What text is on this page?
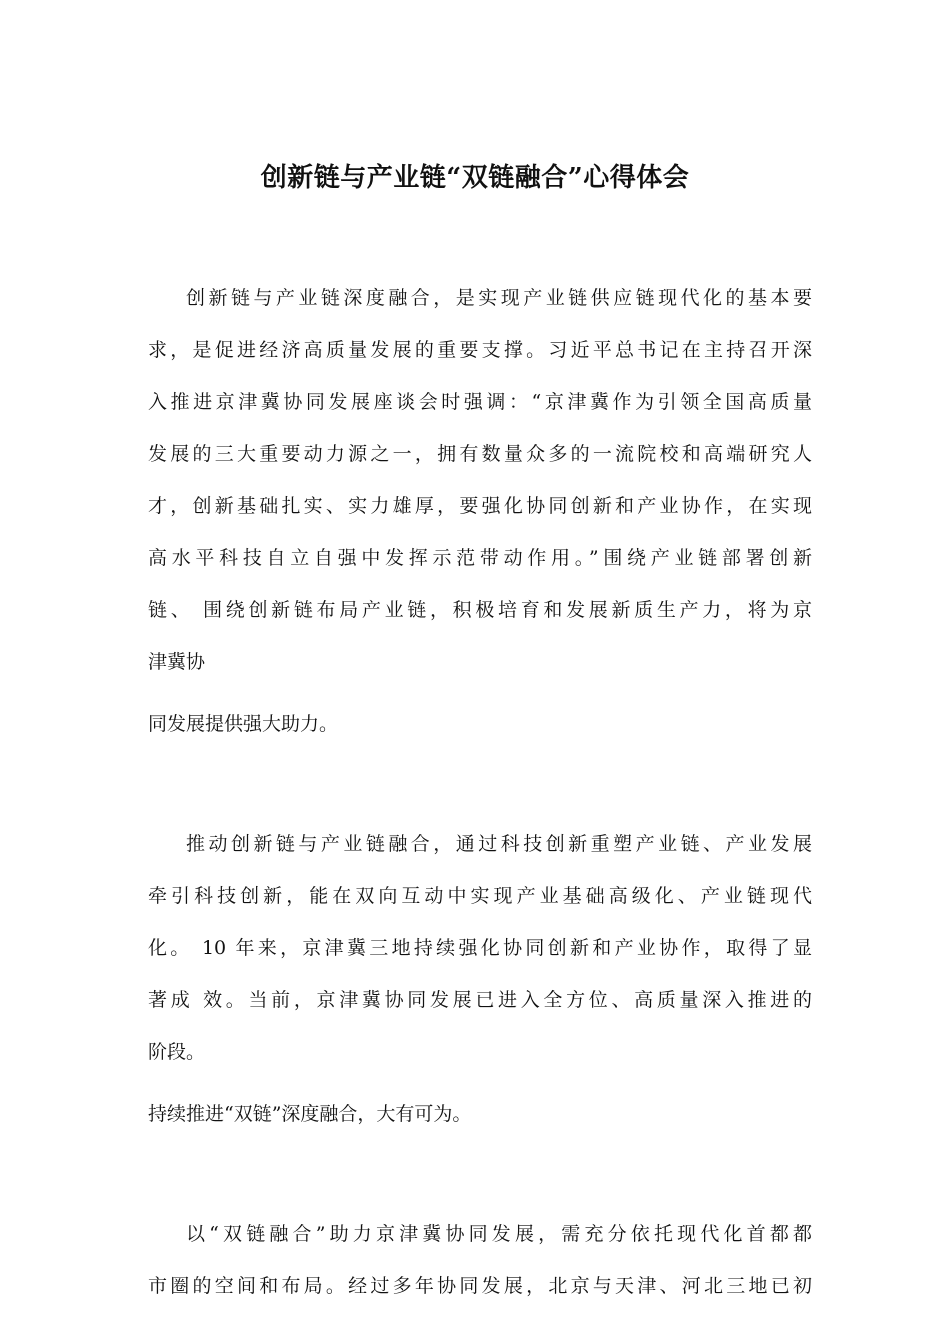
创新链与产业链“双链融合”心得体会
创新链与产业链深度融合，是实现产业链供应链现代化的基本要
求，是促进经济高质量发展的重要支撑。习近平总书记在主持召开深
入推进京津冀协同发展座谈会时强调：“京津冀作为引领全国高质量
发展的三大重要动力源之一，拥有数量众多的一流院校和高端研究人
才，创新基础扎实、实力雄厚，要强化协同创新和产业协作，在实现
高水平科技自立自强中发挥示范带动作用。”围绕产业链部署创新
链、 围绕创新链布局产业链，积极培育和发展新质生产力，将为京
津冀协
同发展提供强大助力。
推动创新链与产业链融合，通过科技创新重塑产业链、产业发展
牵引科技创新，能在双向互动中实现产业基础高级化、产业链现代
化。 10 年来，京津冀三地持续强化协同创新和产业协作，取得了显
著成 效。当前，京津冀协同发展已进入全方位、高质量深入推进的
阶段。
持续推进“双链”深度融合，大有可为。
以“双链融合”助力京津冀协同发展，需充分依托现代化首都都
市圈的空间和布局。经过多年协同发展，北京与天津、河北三地已初
